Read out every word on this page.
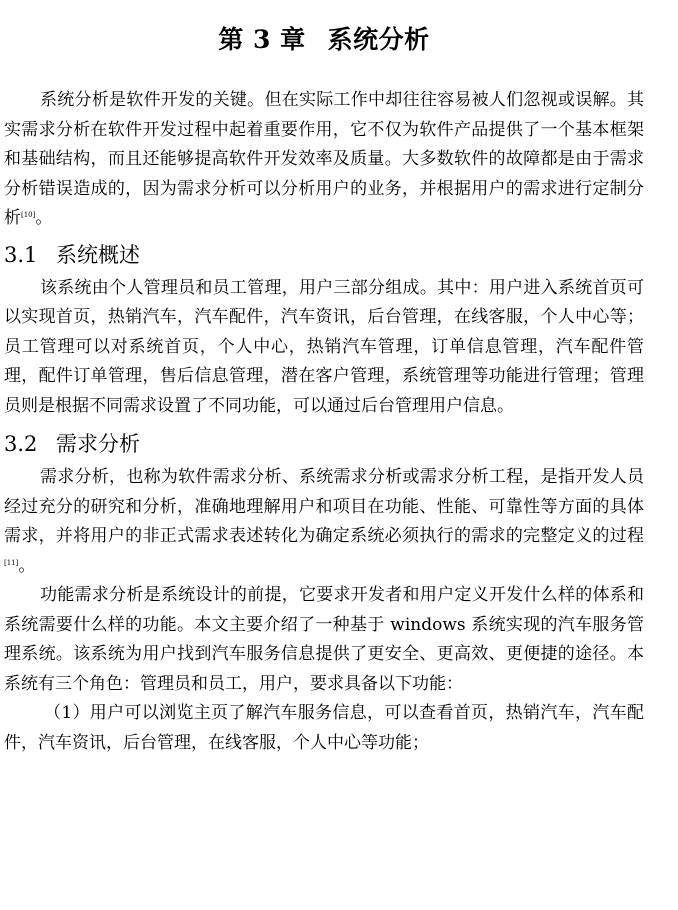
第 3 章 系统分析

系统分析是软件开发的关键。但在实际工作中却往往容易被人们忽视或误解。其实需求分析在软件开发过程中起着重要作用，它不仅为软件产品提供了一个基本框架和基础结构，而且还能够提高软件开发效率及质量。大多数软件的故障都是由于需求分析错误造成的，因为需求分析可以分析用户的业务，并根据用户的需求进行定制分析[10]。

3.1 系统概述

该系统由个人管理员和员工管理，用户三部分组成。其中：用户进入系统首页可以实现首页，热销汽车，汽车配件，汽车资讯，后台管理，在线客服，个人中心等；员工管理可以对系统首页，个人中心，热销汽车管理，订单信息管理，汽车配件管理，配件订单管理，售后信息管理，潜在客户管理，系统管理等功能进行管理；管理员则是根据不同需求设置了不同功能，可以通过后台管理用户信息。

3.2 需求分析

需求分析，也称为软件需求分析、系统需求分析或需求分析工程，是指开发人员经过充分的研究和分析，准确地理解用户和项目在功能、性能、可靠性等方面的具体需求，并将用户的非正式需求表述转化为确定系统必须执行的需求的完整定义的过程[11]。

功能需求分析是系统设计的前提，它要求开发者和用户定义开发什么样的体系和系统需要什么样的功能。本文主要介绍了一种基于 windows 系统实现的汽车服务管理系统。该系统为用户找到汽车服务信息提供了更安全、更高效、更便捷的途径。本系统有三个角色：管理员和员工，用户，要求具备以下功能：

（1）用户可以浏览主页了解汽车服务信息，可以查看首页，热销汽车，汽车配件，汽车资讯，后台管理，在线客服，个人中心等功能；
